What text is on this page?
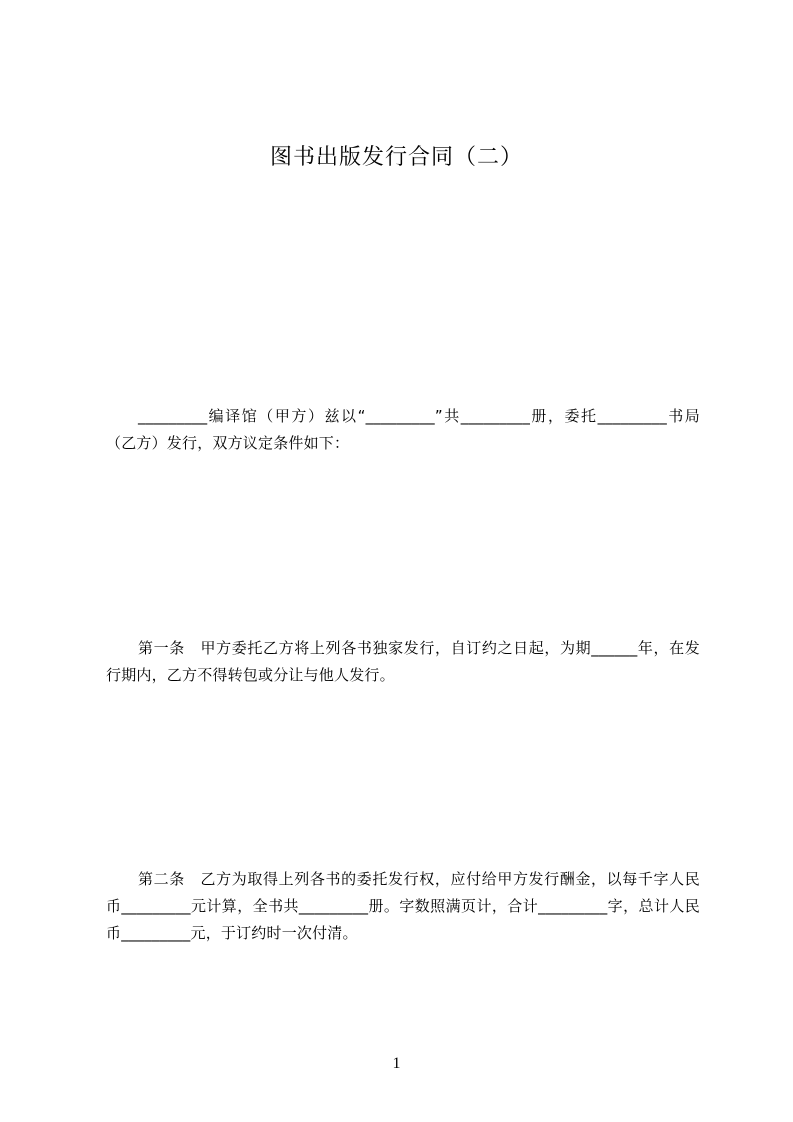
图书出版发行合同（二）

_________编译馆（甲方）兹以“_________”共_________册，委托_________书局（乙方）发行，双方议定条件如下：

第一条　甲方委托乙方将上列各书独家发行，自订约之日起，为期______年，在发行期内，乙方不得转包或分让与他人发行。

第二条　乙方为取得上列各书的委托发行权，应付给甲方发行酬金，以每千字人民币_________元计算，全书共_________册。字数照满页计，合计_________字，总计人民币_________元，于订约时一次付清。

1
